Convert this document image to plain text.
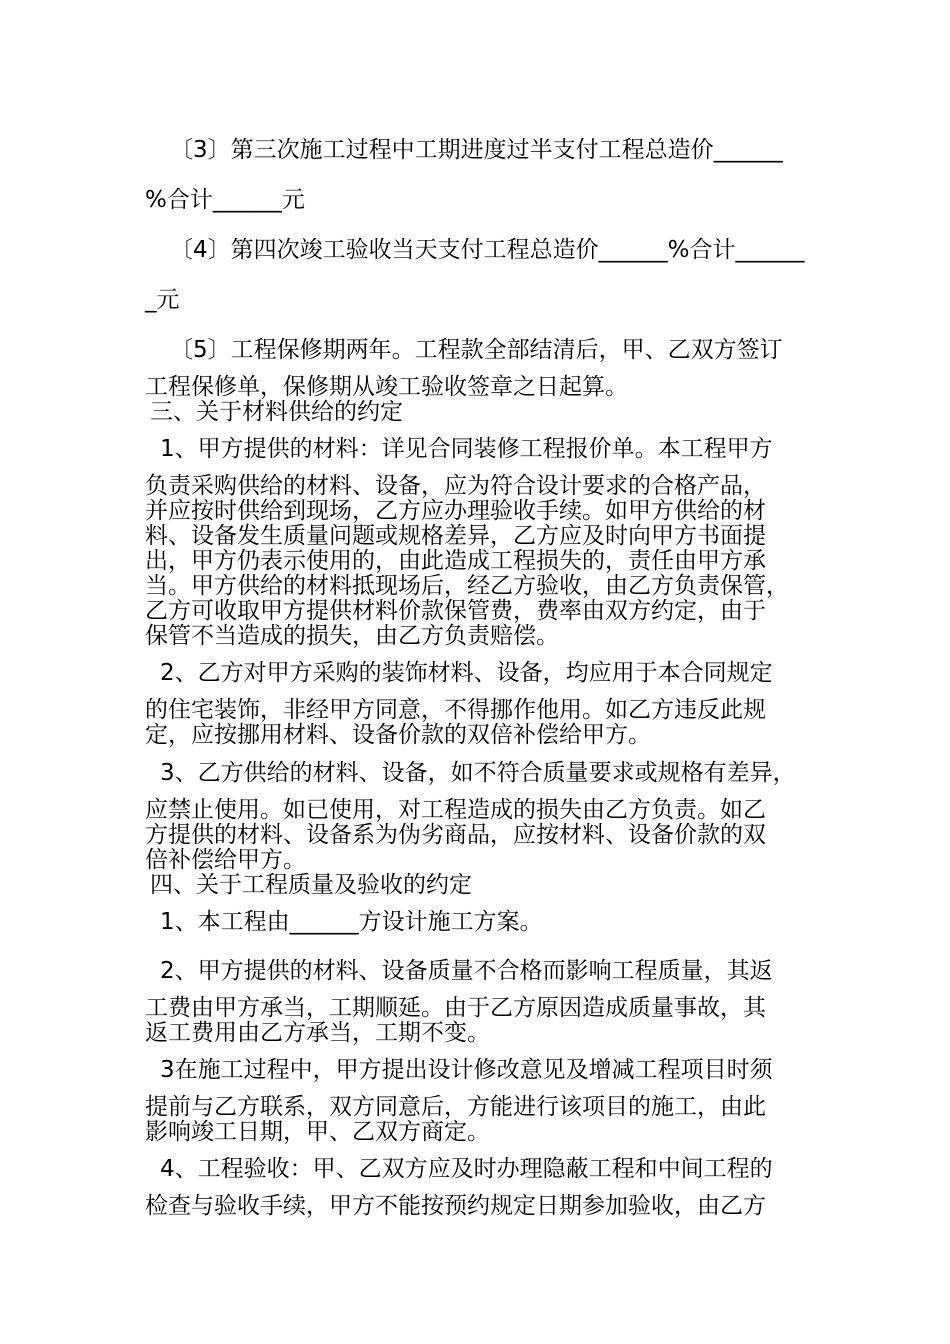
〔3〕第三次施工过程中工期进度过半支付工程总造价______

%合计______元

〔4〕第四次竣工验收当天支付工程总造价______%合计______

_元

〔5〕工程保修期两年。工程款全部结清后，甲、乙双方签订

工程保修单，保修期从竣工验收签章之日起算。

三、关于材料供给的约定

1、甲方提供的材料：详见合同装修工程报价单。本工程甲方

负责采购供给的材料、设备，应为符合设计要求的合格产品，

并应按时供给到现场，乙方应办理验收手续。如甲方供给的材

料、设备发生质量问题或规格差异，乙方应及时向甲方书面提

出，甲方仍表示使用的，由此造成工程损失的，责任由甲方承

当。甲方供给的材料抵现场后，经乙方验收，由乙方负责保管，

乙方可收取甲方提供材料价款保管费，费率由双方约定，由于

保管不当造成的损失，由乙方负责赔偿。

2、乙方对甲方采购的装饰材料、设备，均应用于本合同规定

的住宅装饰，非经甲方同意，不得挪作他用。如乙方违反此规

定，应按挪用材料、设备价款的双倍补偿给甲方。

3、乙方供给的材料、设备，如不符合质量要求或规格有差异，

应禁止使用。如已使用，对工程造成的损失由乙方负责。如乙

方提供的材料、设备系为伪劣商品，应按材料、设备价款的双

倍补偿给甲方。

四、关于工程质量及验收的约定

1、本工程由______方设计施工方案。

2、甲方提供的材料、设备质量不合格而影响工程质量，其返

工费由甲方承当，工期顺延。由于乙方原因造成质量事故，其

返工费用由乙方承当，工期不变。

3在施工过程中，甲方提出设计修改意见及增减工程项目时须

提前与乙方联系，双方同意后，方能进行该项目的施工，由此

影响竣工日期，甲、乙双方商定。

4、工程验收：甲、乙双方应及时办理隐蔽工程和中间工程的

检查与验收手续，甲方不能按预约规定日期参加验收，由乙方
